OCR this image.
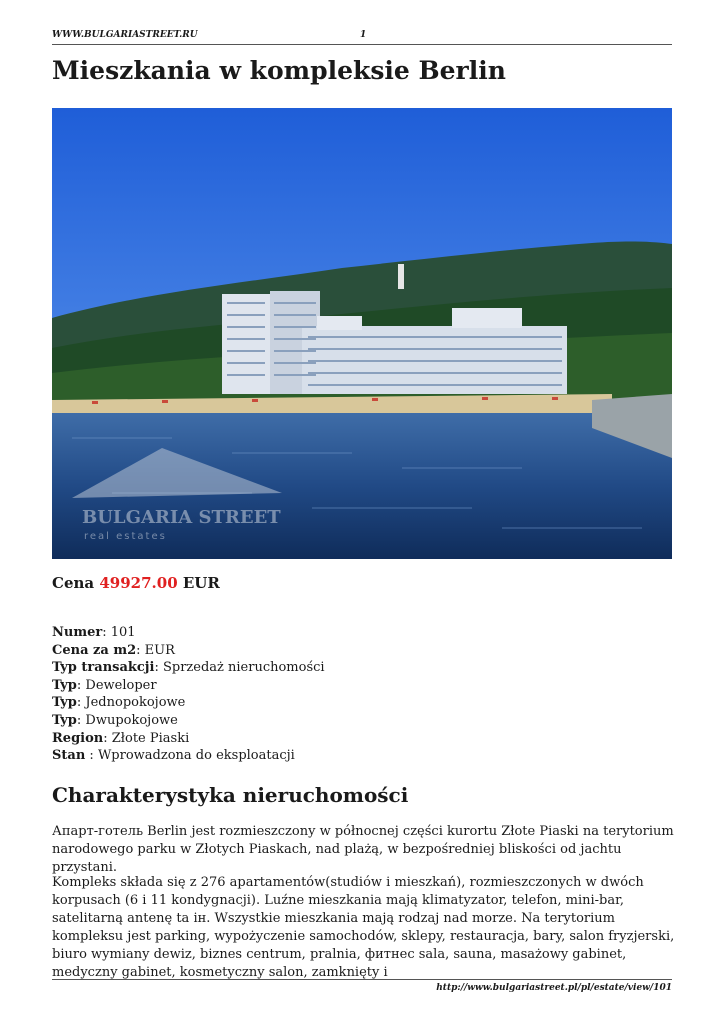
WWW.BULGARIASTREET.RU	1
Mieszkania w kompleksie Berlin
BULGARIA STREET
real estates
Cena 49927.00 EUR
Numer: 101
Cena za m2: EUR
Typ transakcji: Sprzedaż nieruchomości
Typ: Deweloper
Typ: Jednopokojowe
Typ: Dwupokojowe
Region: Złote Piaski
Stan : Wprowadzona do eksploatacji
Charakterystyka nieruchomości

Апарт-готель Berlin jest rozmieszczony w północnej części kurortu Złote Piaski na terytorium narodowego parku w Złotych Piaskach, nad plażą, w bezpośredniej bliskości od jachtu przystani.

Kompleks składa się z 276 apartamentów(studiów i mieszkań), rozmieszczonych w dwóch korpusach (6 i 11 kondygnacji). Luźne mieszkania mają klimatyzator, telefon, mini-bar, satelitarną antenę ta ін. Wszystkie mieszkania mają rodzaj nad morze. Na terytorium kompleksu jest parking, wypożyczenie samochodów, sklepy, restauracja, bary, salon fryzjerski, biuro wymiany dewiz, biznes centrum, pralnia, фитнес sala, sauna, masażowy gabinet, medyczny gabinet, kosmetyczny salon, zamknięty i

http://www.bulgariastreet.pl/pl/estate/view/101
